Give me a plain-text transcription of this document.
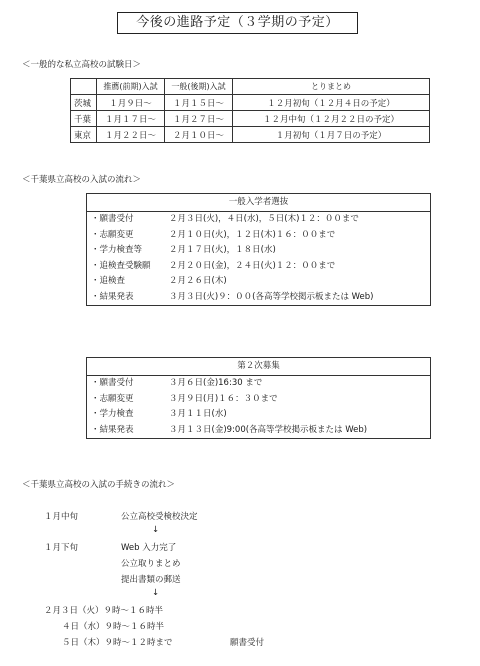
今後の進路予定（３学期の予定）
＜一般的な私立高校の試験日＞
	推薦(前期)入試	一般(後期)入試	とりまとめ
茨城	１月９日〜	１月１５日〜	１２月初旬（１２月４日の予定）
千葉	１月１７日〜	１月２７日〜	１２月中旬（１２月２２日の予定）
東京	１月２２日〜	２月１０日〜	１月初旬（１月７日の予定）
＜千葉県立高校の入試の流れ＞
一般入学者選抜
・願書受付	２月３日(火)，４日(水)，５日(木)１２：００まで
・志願変更	２月１０日(火)，１２日(木)１６：００まで
・学力検査等	２月１７日(火)，１８日(水)
・追検査受験願 ２月２０日(金)，２４日(火)１２：００まで
・追検査	２月２６日(木)
・結果発表	３月３日(火)９：００(各高等学校掲示板または Web)
第２次募集
・願書受付	３月６日(金)16:30 まで
・志願変更	３月９日(月)１６：３０まで
・学力検査	３月１１日(水)
・結果発表	３月１３日(金)9:00(各高等学校掲示板または Web)
＜千葉県立高校の入試の手続きの流れ＞
１月中旬	公立高校受検校決定
↓
１月下旬	Web 入力完了
公立取りまとめ
提出書類の郵送
↓
２月３日（火）９時〜１６時半
４日（水）９時〜１６時半
５日（木）９時〜１２時まで	願書受付
